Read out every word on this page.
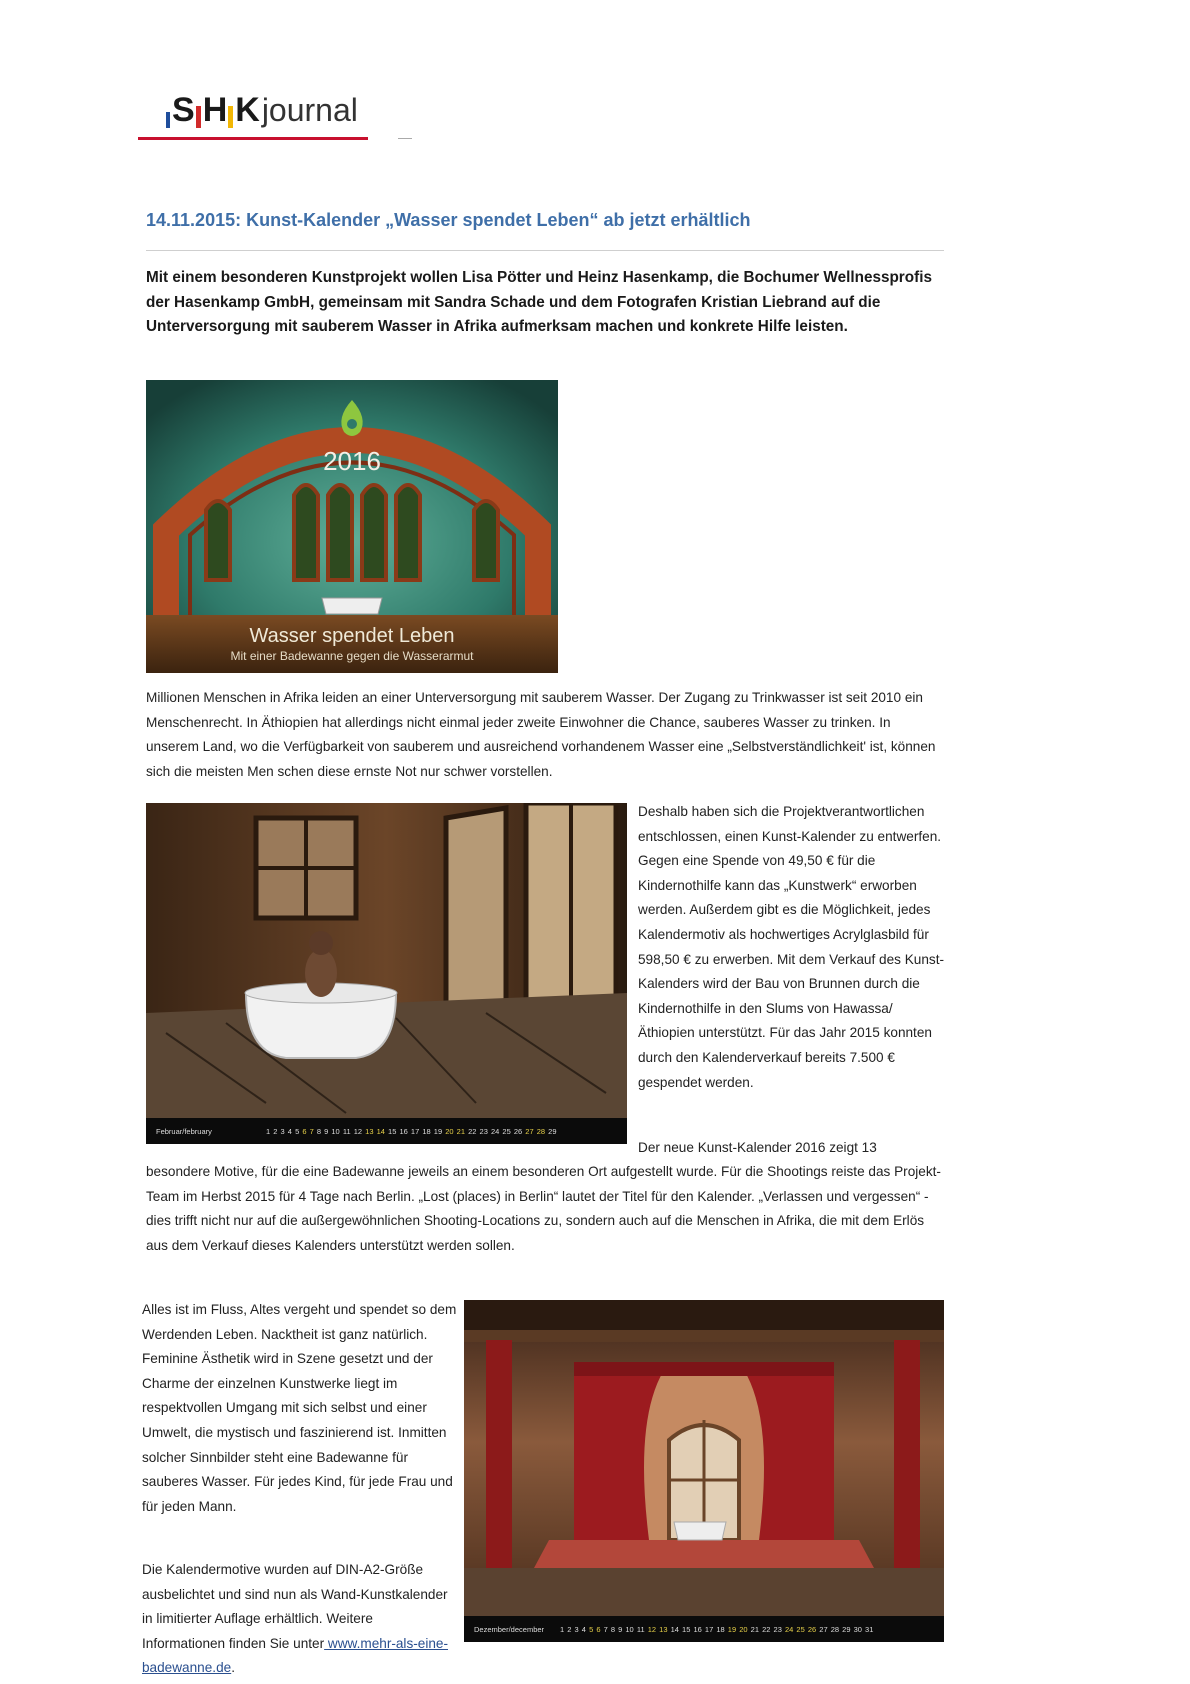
S H K journal
14.11.2015: Kunst-Kalender „Wasser spendet Leben“ ab jetzt erhältlich
Mit einem besonderen Kunstprojekt wollen Lisa Pötter und Heinz Hasenkamp, die Bochumer Wellnessprofis der Hasenkamp GmbH, gemeinsam mit Sandra Schade und dem Fotografen Kristian Liebrand auf die Unterversorgung mit sauberem Wasser in Afrika aufmerksam machen und konkrete Hilfe leisten.
2016
Wasser spendet Leben
Mit einer Badewanne gegen die Wasserarmut
Millionen Menschen in Afrika leiden an einer Unterversorgung mit sauberem Wasser. Der Zugang zu Trinkwasser ist seit 2010 ein Menschenrecht. In Äthiopien hat allerdings nicht einmal jeder zweite Einwohner die Chance, sauberes Wasser zu trinken. In unserem Land, wo die Verfügbarkeit von sauberem und ausreichend vorhandenem Wasser eine „Selbstverständlichkeit' ist, können sich die meisten Men schen diese ernste Not nur schwer vorstellen.
Februar/february	1 2 3 4 5 6 7 8 9 10 11 12 13 14 15 16 17 18 19 20 21 22 23 24 25 26 27 28 29
Deshalb haben sich die Projektverantwortlichen entschlossen, einen Kunst-Kalender zu entwerfen. Gegen eine Spende von 49,50 € für die Kindernothilfe kann das „Kunstwerk“ erworben werden. Außerdem gibt es die Möglichkeit, jedes Kalendermotiv als hochwertiges Acrylglasbild für 598,50 € zu erwerben. Mit dem Verkauf des Kunst-Kalenders wird der Bau von Brunnen durch die Kindernothilfe in den Slums von Hawassa/Äthiopien unterstützt. Für das Jahr 2015 konnten durch den Kalenderverkauf bereits 7.500 € gespendet werden.
Der neue Kunst-Kalender 2016 zeigt 13
besondere Motive, für die eine Badewanne jeweils an einem besonderen Ort aufgestellt wurde. Für die Shootings reiste das Projekt-Team im Herbst 2015 für 4 Tage nach Berlin. „Lost (places) in Berlin“ lautet der Titel für den Kalender. „Verlassen und vergessen“ - dies trifft nicht nur auf die außergewöhnlichen Shooting-Locations zu, sondern auch auf die Menschen in Afrika, die mit dem Erlös aus dem Verkauf dieses Kalenders unterstützt werden sollen.
Alles ist im Fluss, Altes vergeht und spendet so dem Werdenden Leben. Nacktheit ist ganz natürlich. Feminine Ästhetik wird in Szene gesetzt und der Charme der einzelnen Kunstwerke liegt im respektvollen Umgang mit sich selbst und einer Umwelt, die mystisch und faszinierend ist. Inmitten solcher Sinnbilder steht eine Badewanne für sauberes Wasser. Für jedes Kind, für jede Frau und für jeden Mann.
Dezember/december	1 2 3 4 5 6 7 8 9 10 11 12 13 14 15 16 17 18 19 20 21 22 23 24 25 26 27 28 29 30 31
Die Kalendermotive wurden auf DIN-A2-Größe ausbelichtet und sind nun als Wand-Kunstkalender in limitierter Auflage erhältlich. Weitere Informationen finden Sie unter www.mehr-als-eine-badewanne.de.
